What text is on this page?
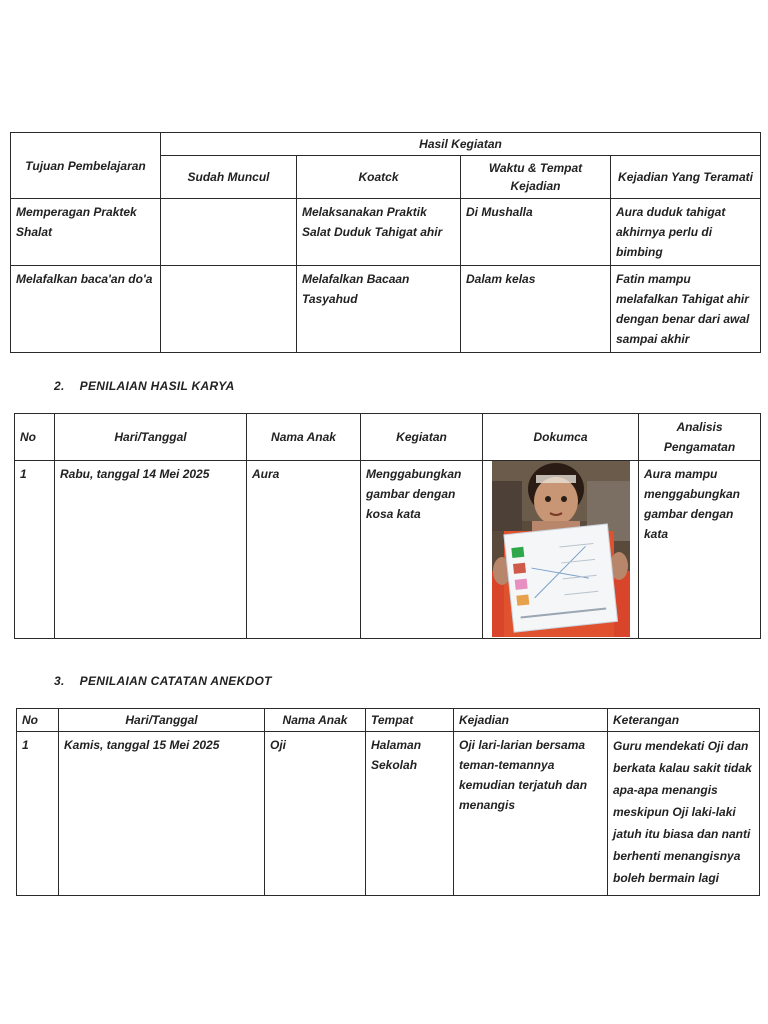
Tujuan Pembelajaran	Hasil Kegiatan			
	Sudah Muncul	Koatck	Waktu & Tempat Kejadian	Kejadian Yang Teramati
Memperagan Praktek Shalat		Melaksanakan Praktik Salat Duduk Tahigat ahir	Di Mushalla	Aura duduk tahigat akhirnya perlu di bimbing
Melafalkan baca'an do'a		Melafalkan Bacaan Tasyahud	Dalam kelas	Fatin mampu melafalkan Tahigat ahir dengan benar dari awal sampai akhir
2. PENILAIAN HASIL KARYA
No	Hari/Tanggal	Nama Anak	Kegiatan	Dokumca	Analisis Pengamatan
1	Rabu, tanggal 14 Mei 2025	Aura	Menggabungkan gambar dengan kosa kata		Aura mampu menggabungkan gambar dengan kata
3. PENILAIAN CATATAN ANEKDOT
No	Hari/Tanggal	Nama Anak	Tempat	Kejadian	Keterangan
1	Kamis, tanggal 15 Mei 2025	Oji	Halaman Sekolah	Oji lari-larian bersama teman-temannya kemudian terjatuh dan menangis	Guru mendekati Oji dan berkata kalau sakit tidak apa-apa menangis meskipun Oji laki-laki jatuh itu biasa dan nanti berhenti menangisnya boleh bermain lagi
